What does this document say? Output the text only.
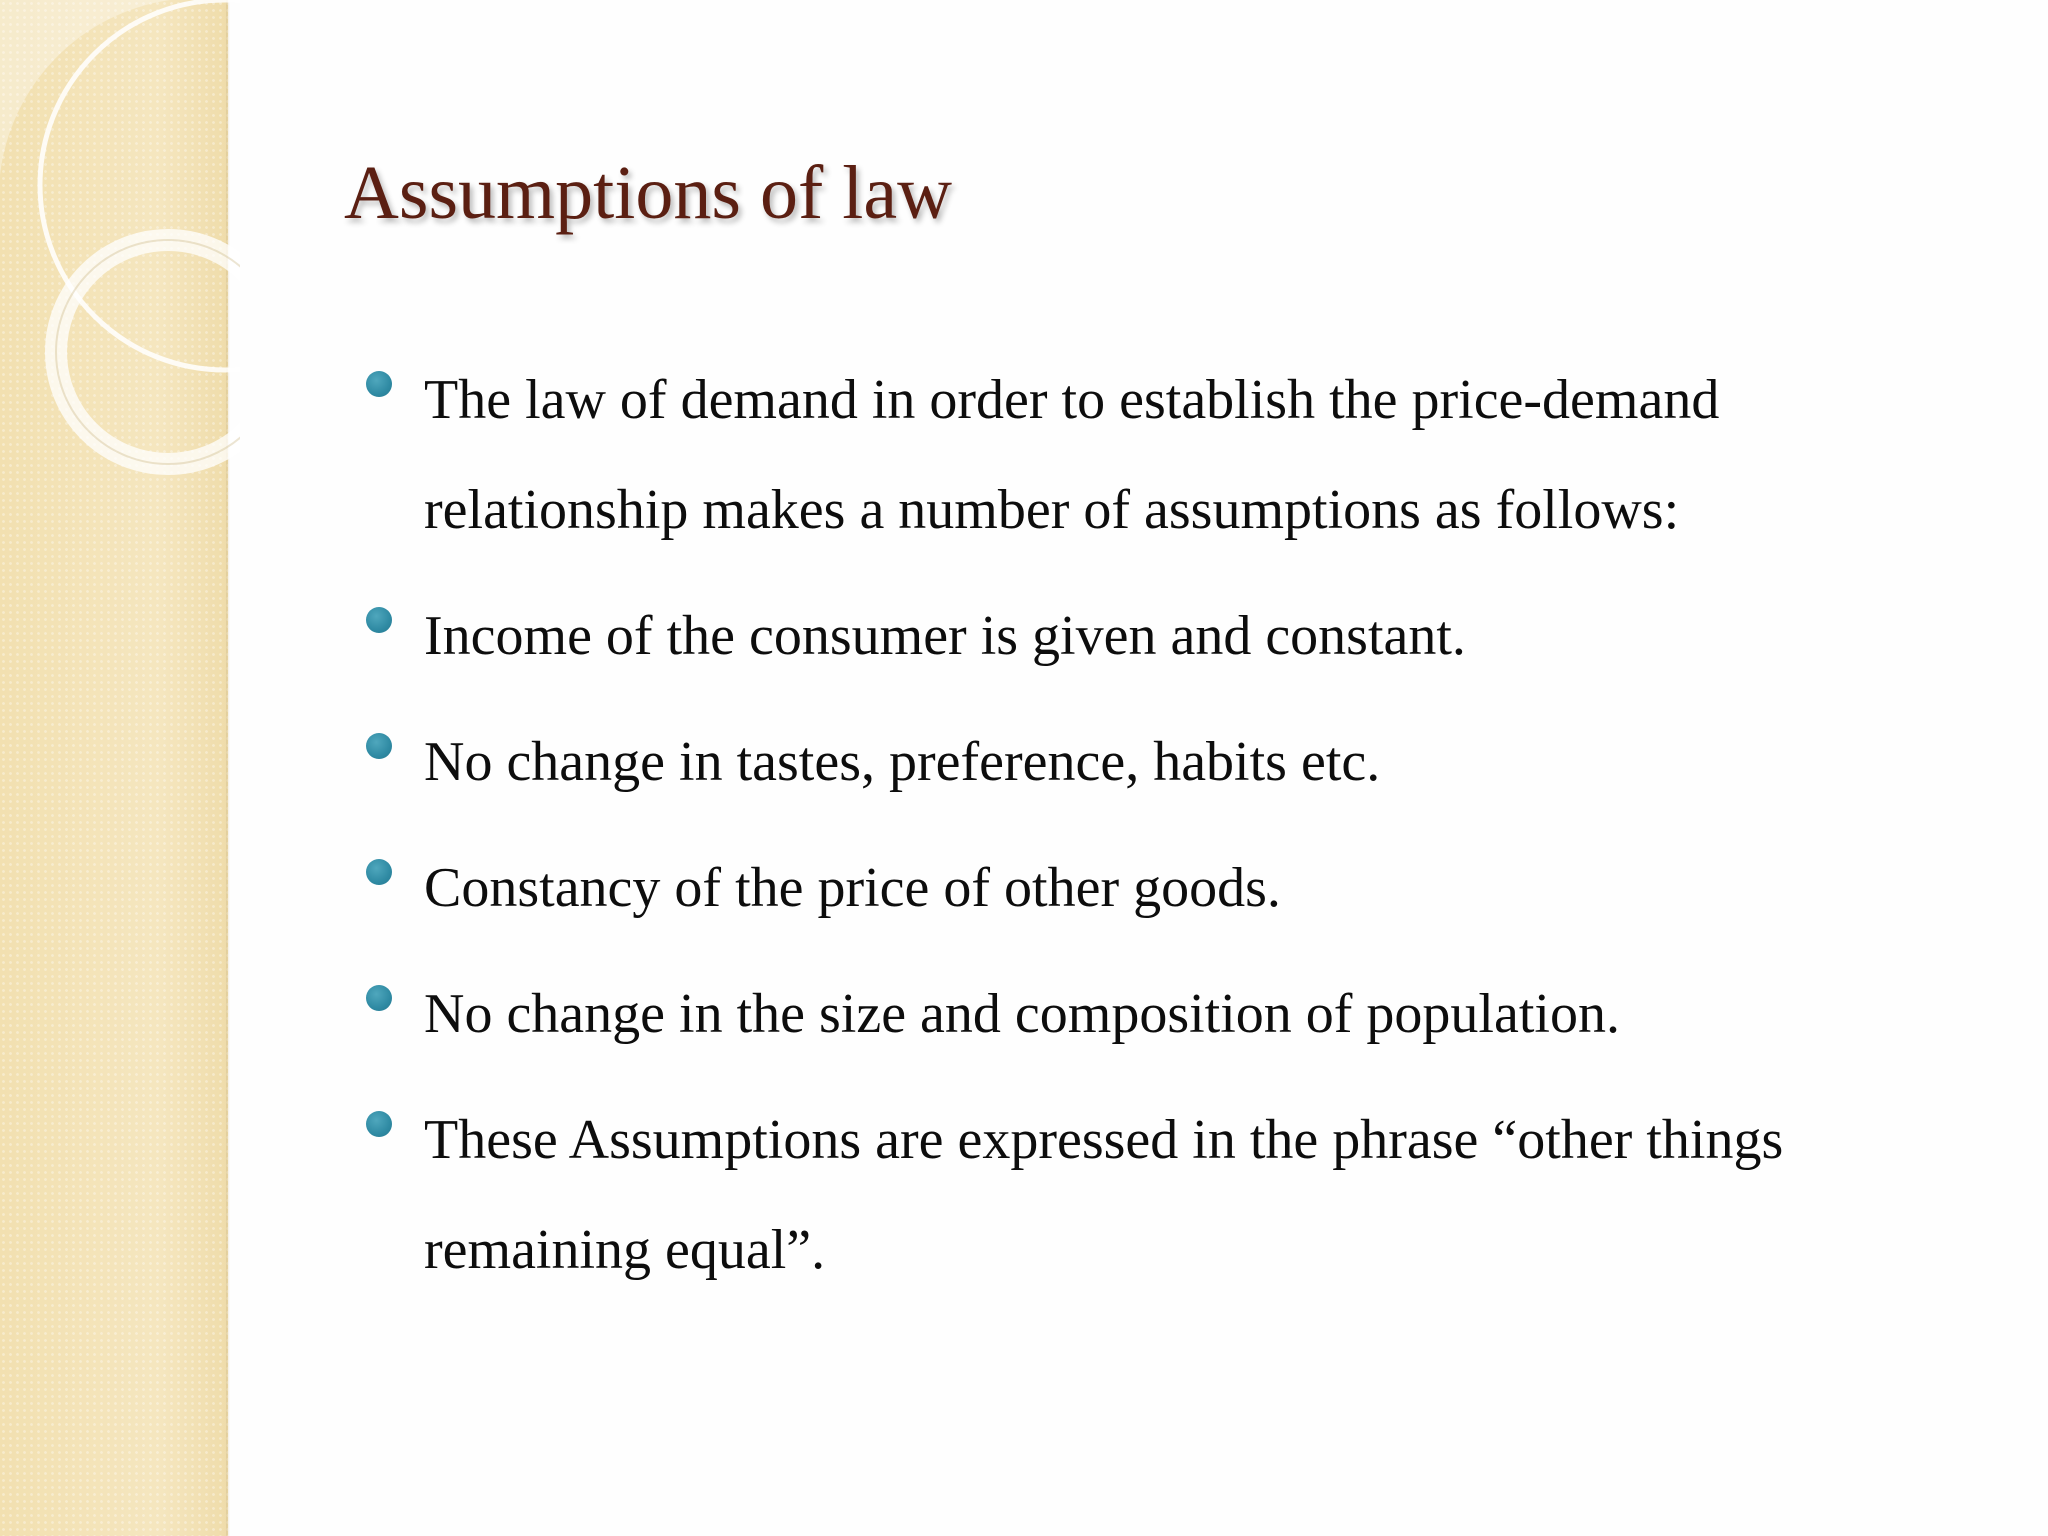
Assumptions of law
The law of demand in order to establish the price-demand relationship makes a number of assumptions as follows:
Income of the consumer is given and constant.
No change in tastes, preference, habits etc.
Constancy of the price of other goods.
No change in the size and composition of population.
These Assumptions are expressed in the phrase “other things remaining equal”.
